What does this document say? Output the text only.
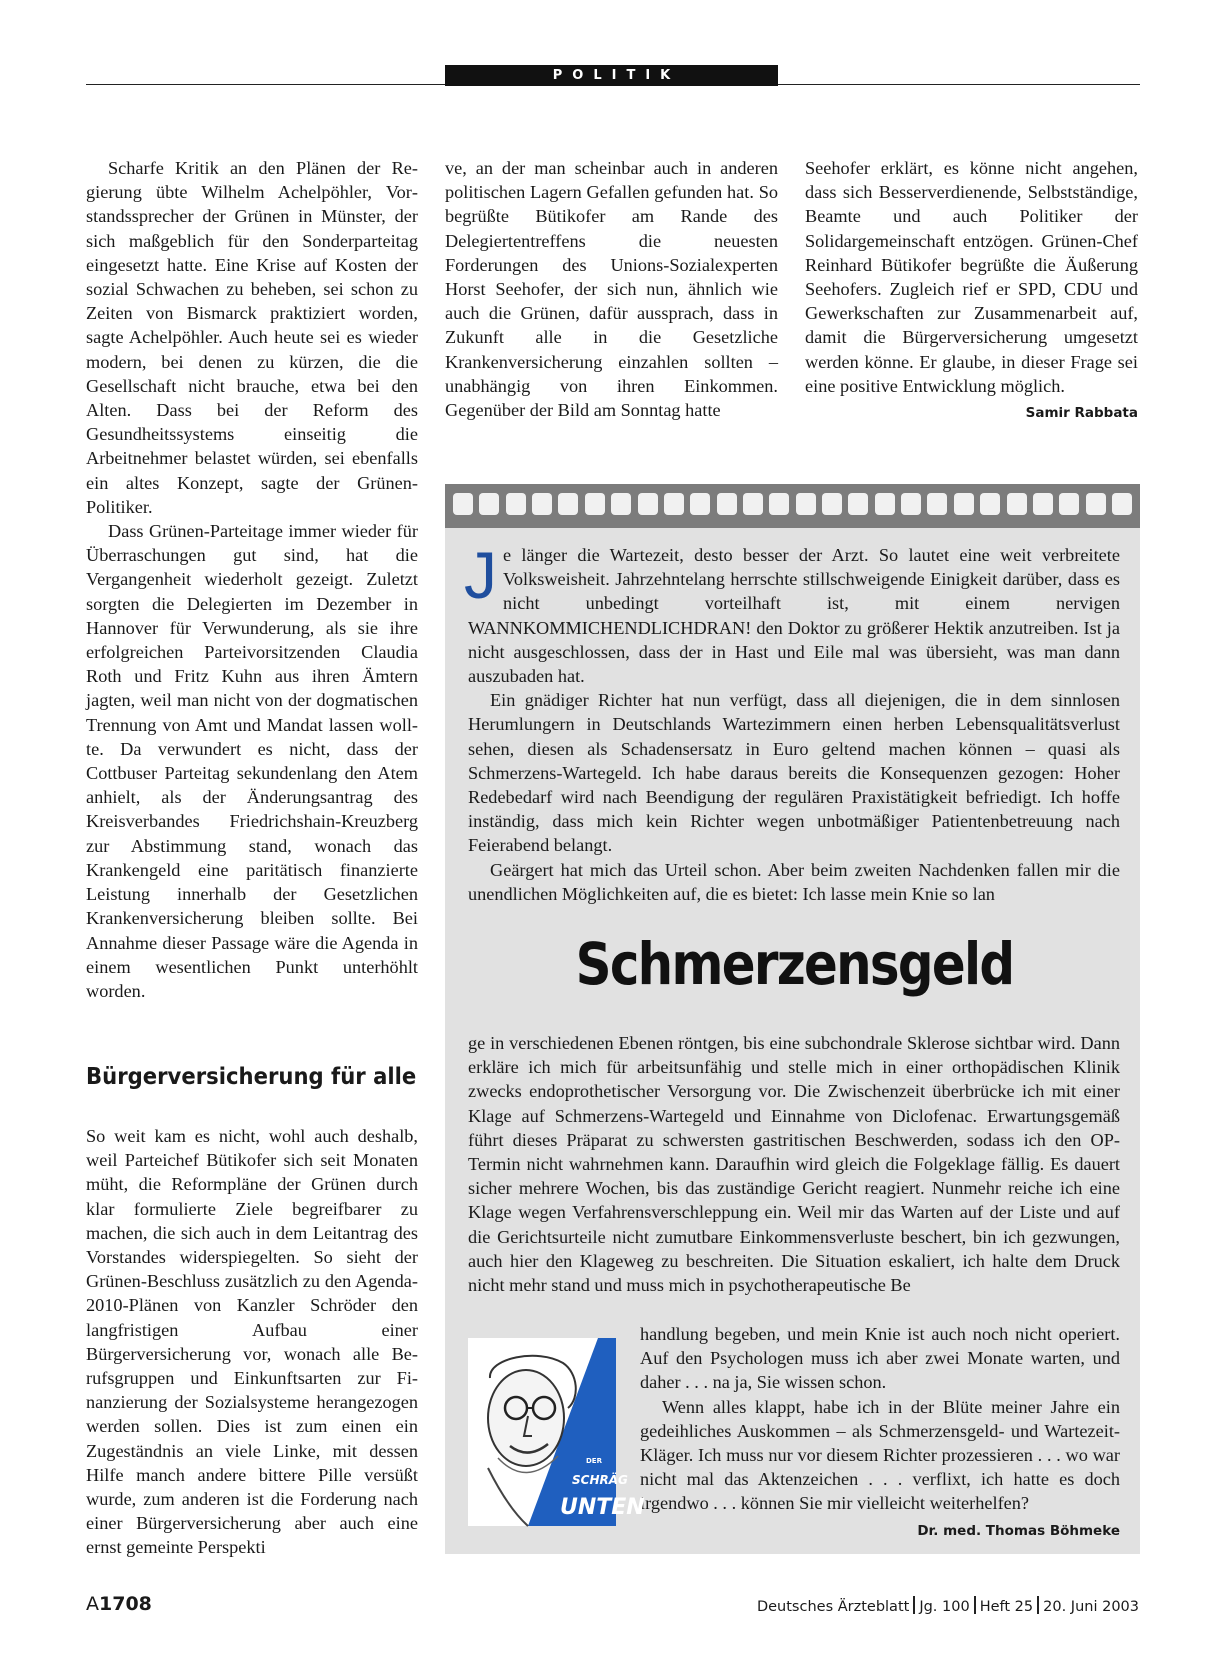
POLITIK

Scharfe Kritik an den Plänen der Regierung übte Wilhelm Achelpöhler, Vorstandssprecher der Grünen in Münster, der sich maßgeblich für den Sonderparteitag eingesetzt hatte. Eine Krise auf Kosten der sozial Schwachen zu beheben, sei schon zu Zeiten von Bismarck praktiziert worden, sagte Achelpöhler. Auch heute sei es wieder modern, bei denen zu kürzen, die die Gesellschaft nicht brauche, etwa bei den Alten. Dass bei der Reform des Gesundheitssystems einseitig die Arbeitnehmer belastet würden, sei ebenfalls ein altes Konzept, sagte der Grünen-Politiker.

Dass Grünen-Parteitage immer wieder für Überraschungen gut sind, hat die Vergangenheit wiederholt gezeigt. Zuletzt sorgten die Delegierten im Dezember in Hannover für Verwunderung, als sie ihre erfolgreichen Parteivorsitzenden Claudia Roth und Fritz Kuhn aus ihren Ämtern jagten, weil man nicht von der dogmatischen Trennung von Amt und Mandat lassen wollte. Da verwundert es nicht, dass der Cottbuser Parteitag sekundenlang den Atem anhielt, als der Änderungsantrag des Kreisverbandes Friedrichshain-Kreuzberg zur Abstimmung stand, wonach das Krankengeld eine paritätisch finanzierte Leistung innerhalb der Gesetzlichen Krankenversicherung bleiben sollte. Bei Annahme dieser Passage wäre die Agenda in einem wesentlichen Punkt unterhöhlt worden.

Bürgerversicherung für alle

So weit kam es nicht, wohl auch deshalb, weil Parteichef Bütikofer sich seit Monaten müht, die Reformpläne der Grünen durch klar formulierte Ziele begreifbarer zu machen, die sich auch in dem Leitantrag des Vorstandes widerspiegelten. So sieht der Grünen-Beschluss zusätzlich zu den Agenda-2010-Plänen von Kanzler Schröder den langfristigen Aufbau einer Bürgerversicherung vor, wonach alle Berufsgruppen und Einkunftsarten zur Finanzierung der Sozialsysteme herangezogen werden sollen. Dies ist zum einen ein Zugeständnis an viele Linke, mit dessen Hilfe manch andere bittere Pille versüßt wurde, zum anderen ist die Forderung nach einer Bürgerversicherung aber auch eine ernst gemeinte Perspekti

ve, an der man scheinbar auch in anderen politischen Lagern Gefallen gefunden hat. So begrüßte Bütikofer am Rande des Delegiertentreffens die neuesten Forderungen des Unions-Sozialexperten Horst Seehofer, der sich nun, ähnlich wie auch die Grünen, dafür aussprach, dass in Zukunft alle in die Gesetzliche Krankenversicherung einzahlen sollten – unabhängig von ihren Einkommen. Gegenüber der Bild am Sonntag hatte

Seehofer erklärt, es könne nicht angehen, dass sich Besserverdienende, Selbstständige, Beamte und auch Politiker der Solidargemeinschaft entzögen. Grünen-Chef Reinhard Bütikofer begrüßte die Äußerung Seehofers. Zugleich rief er SPD, CDU und Gewerkschaften zur Zusammenarbeit auf, damit die Bürgerversicherung umgesetzt werden könne. Er glaube, in dieser Frage sei eine positive Entwicklung möglich.
Samir Rabbata

Je länger die Wartezeit, desto besser der Arzt. So lautet eine weit verbreitete Volksweisheit. Jahrzehntelang herrschte stillschweigende Einigkeit darüber, dass es nicht unbedingt vorteilhaft ist, mit einem nervigen WANNKOMMICHENDLICHDRAN! den Doktor zu größerer Hektik anzutreiben. Ist ja nicht ausgeschlossen, dass der in Hast und Eile mal was übersieht, was man dann auszubaden hat.

Ein gnädiger Richter hat nun verfügt, dass all diejenigen, die in dem sinnlosen Herumlungern in Deutschlands Wartezimmern einen herben Lebensqualitätsverlust sehen, diesen als Schadensersatz in Euro geltend machen können – quasi als Schmerzens-Wartegeld. Ich habe daraus bereits die Konsequenzen gezogen: Hoher Redebedarf wird nach Beendigung der regulären Praxistätigkeit befriedigt. Ich hoffe inständig, dass mich kein Richter wegen unbotmäßiger Patientenbetreuung nach Feierabend belangt.

Geärgert hat mich das Urteil schon. Aber beim zweiten Nachdenken fallen mir die unendlichen Möglichkeiten auf, die es bietet: Ich lasse mein Knie so lan

Schmerzensgeld

ge in verschiedenen Ebenen röntgen, bis eine subchondrale Sklerose sichtbar wird. Dann erkläre ich mich für arbeitsunfähig und stelle mich in einer orthopädischen Klinik zwecks endoprothetischer Versorgung vor. Die Zwischenzeit überbrücke ich mit einer Klage auf Schmerzens-Wartegeld und Einnahme von Diclofenac. Erwartungsgemäß führt dieses Präparat zu schwersten gastritischen Beschwerden, sodass ich den OP-Termin nicht wahrnehmen kann. Daraufhin wird gleich die Folgeklage fällig. Es dauert sicher mehrere Wochen, bis das zuständige Gericht reagiert. Nunmehr reiche ich eine Klage wegen Verfahrensverschleppung ein. Weil mir das Warten auf der Liste und auf die Gerichtsurteile nicht zumutbare Einkommensverluste beschert, bin ich gezwungen, auch hier den Klageweg zu beschreiten. Die Situation eskaliert, ich halte dem Druck nicht mehr stand und muss mich in psychotherapeutische Be

handlung begeben, und mein Knie ist auch noch nicht operiert. Auf den Psychologen muss ich aber zwei Monate warten, und daher . . . na ja, Sie wissen schon.

Wenn alles klappt, habe ich in der Blüte meiner Jahre ein gedeihliches Auskommen – als Schmerzensgeld- und Wartezeit-Kläger. Ich muss nur vor diesem Richter prozessieren . . . wo war nicht mal das Aktenzeichen . . . verflixt, ich hatte es doch irgendwo . . . können Sie mir vielleicht weiterhelfen?
Dr. med. Thomas Böhmeke

DER
SCHRÄG
UNTEN
A1708	Deutsches Ärzteblatt Jg. 100 Heft 25 20. Juni 2003
